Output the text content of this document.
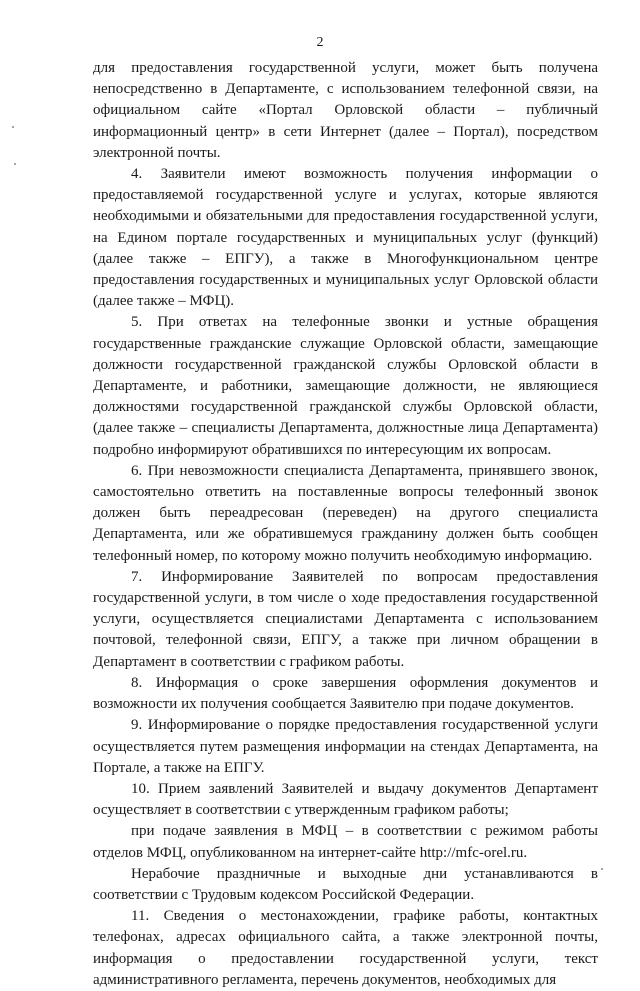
2

для предоставления государственной услуги, может быть получена непосредственно в Департаменте, с использованием телефонной связи, на официальном сайте «Портал Орловской области – публичный информационный центр» в сети Интернет (далее – Портал), посредством электронной почты.

4. Заявители имеют возможность получения информации о предоставляемой государственной услуге и услугах, которые являются необходимыми и обязательными для предоставления государственной услуги, на Едином портале государственных и муниципальных услуг (функций) (далее также – ЕПГУ), а также в Многофункциональном центре предоставления государственных и муниципальных услуг Орловской области (далее также – МФЦ).

5. При ответах на телефонные звонки и устные обращения государственные гражданские служащие Орловской области, замещающие должности государственной гражданской службы Орловской области в Департаменте, и работники, замещающие должности, не являющиеся должностями государственной гражданской службы Орловской области, (далее также – специалисты Департамента, должностные лица Департамента) подробно информируют обратившихся по интересующим их вопросам.

6. При невозможности специалиста Департамента, принявшего звонок, самостоятельно ответить на поставленные вопросы телефонный звонок должен быть переадресован (переведен) на другого специалиста Департамента, или же обратившемуся гражданину должен быть сообщен телефонный номер, по которому можно получить необходимую информацию.

7. Информирование Заявителей по вопросам предоставления государственной услуги, в том числе о ходе предоставления государственной услуги, осуществляется специалистами Департамента с использованием почтовой, телефонной связи, ЕПГУ, а также при личном обращении в Департамент в соответствии с графиком работы.

8. Информация о сроке завершения оформления документов и возможности их получения сообщается Заявителю при подаче документов.

9. Информирование о порядке предоставления государственной услуги осуществляется путем размещения информации на стендах Департамента, на Портале, а также на ЕПГУ.

10. Прием заявлений Заявителей и выдачу документов Департамент осуществляет в соответствии с утвержденным графиком работы;

при подаче заявления в МФЦ – в соответствии с режимом работы отделов МФЦ, опубликованном на интернет-сайте http://mfc-orel.ru.

Нерабочие праздничные и выходные дни устанавливаются в соответствии с Трудовым кодексом Российской Федерации.

11. Сведения о местонахождении, графике работы, контактных телефонах, адресах официального сайта, а также электронной почты, информация о предоставлении государственной услуги, текст административного регламента, перечень документов, необходимых для
